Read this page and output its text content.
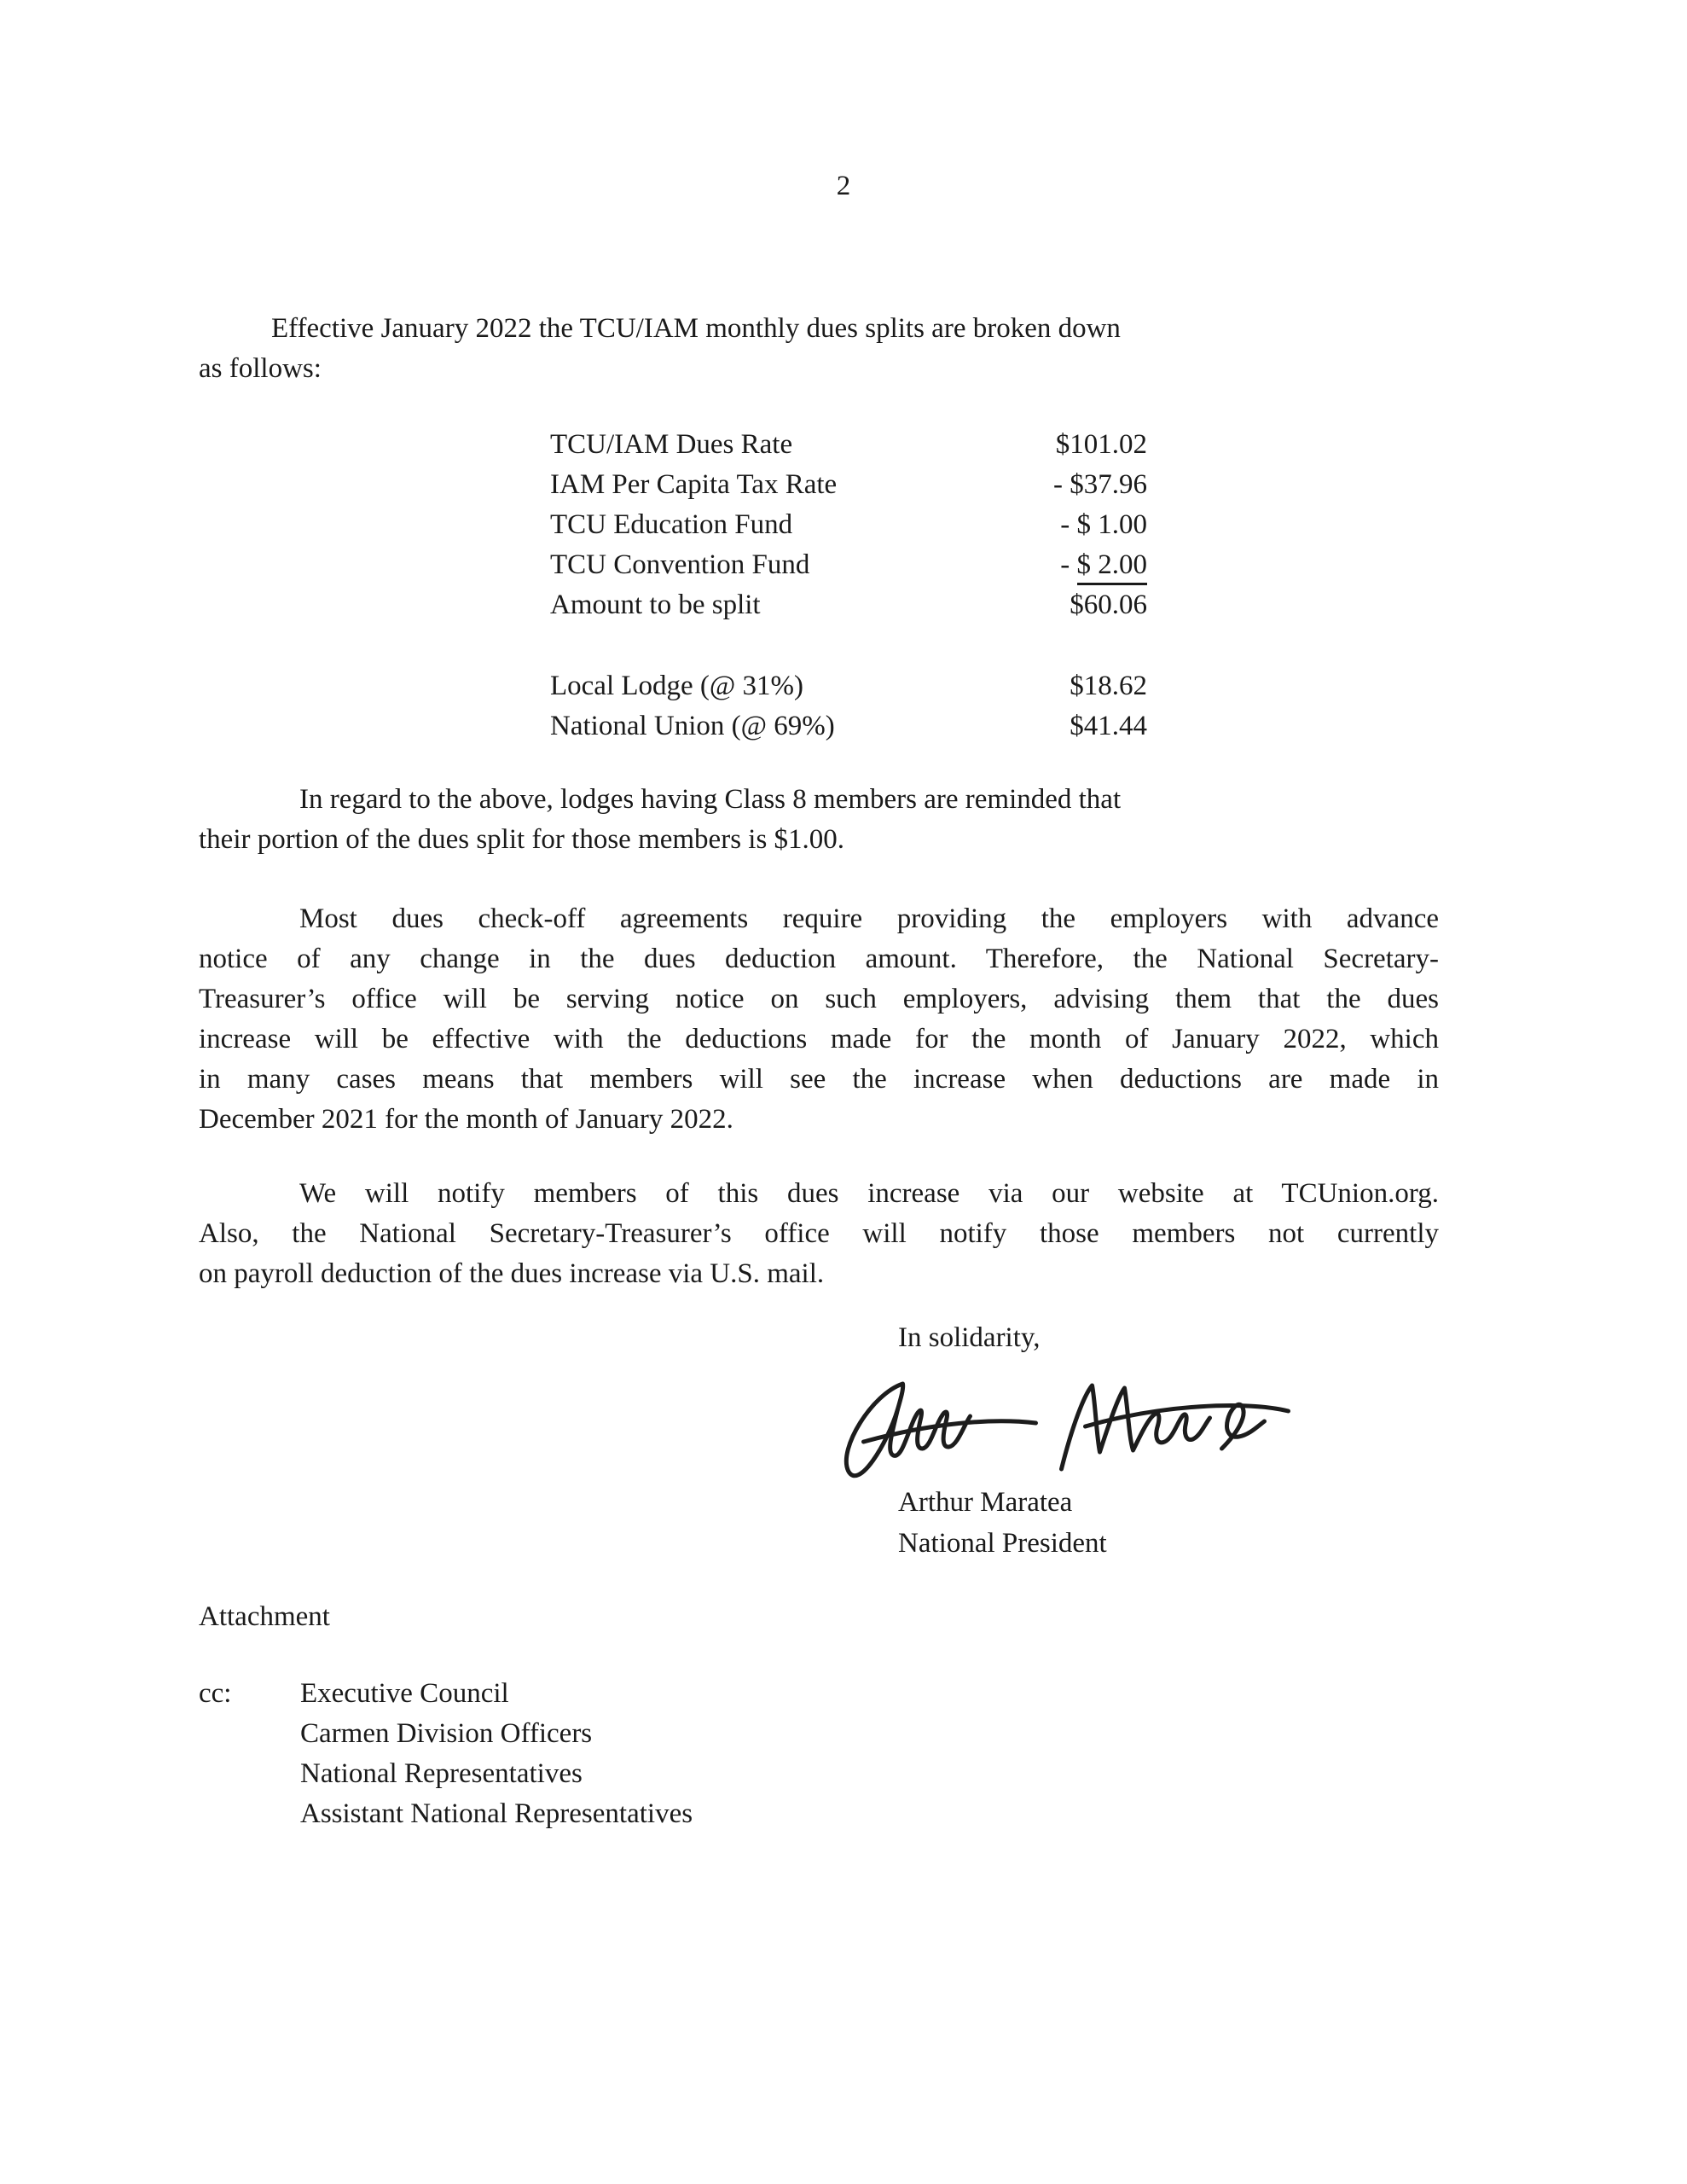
2
Effective January 2022 the TCU/IAM monthly dues splits are broken down
as follows:
TCU/IAM Dues Rate	$101.02
IAM Per Capita Tax Rate	- $37.96
TCU Education Fund	- $ 1.00
TCU Convention Fund	- $ 2.00
Amount to be split	$60.06
Local Lodge (@ 31%)	$18.62
National Union (@ 69%)	$41.44
In regard to the above, lodges having Class 8 members are reminded that
their portion of the dues split for those members is $1.00.
Most dues check-off agreements require providing the employers with advance
notice of any change in the dues deduction amount. Therefore, the National Secretary-
Treasurer’s office will be serving notice on such employers, advising them that the dues
increase will be effective with the deductions made for the month of January 2022, which
in many cases means that members will see the increase when deductions are made in
December 2021 for the month of January 2022.
We will notify members of this dues increase via our website at TCUnion.org.
Also, the National Secretary-Treasurer’s office will notify those members not currently
on payroll deduction of the dues increase via U.S. mail.
In solidarity,
Arthur Maratea
National President
Attachment
cc:	Executive Council
Carmen Division Officers
National Representatives
Assistant National Representatives
